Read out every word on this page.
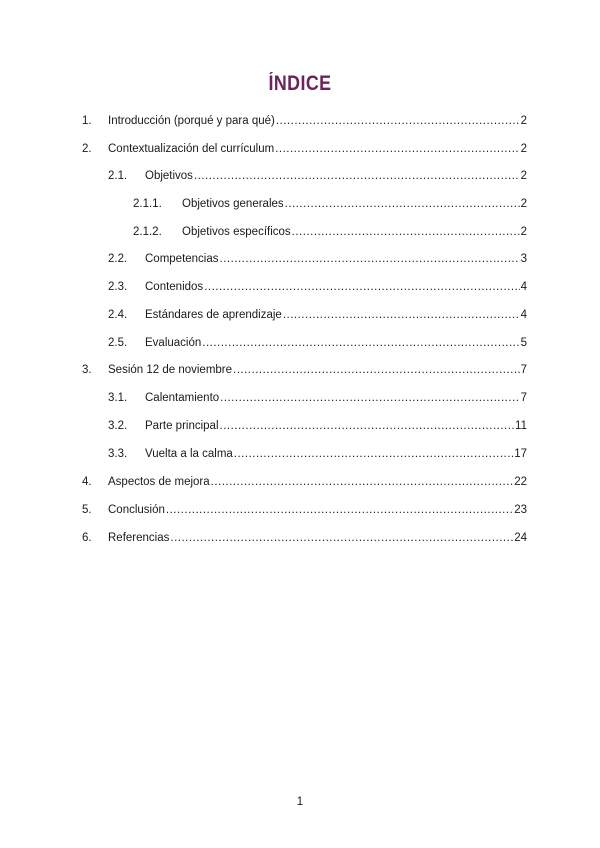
ÍNDICE
1.	Introducción (porqué y para qué) .....	2
2.	Contextualización del currículum .....	2
2.1.	Objetivos .....	2
2.1.1.	Objetivos generales .....	2
2.1.2.	Objetivos específicos .....	2
2.2.	Competencias .....	3
2.3.	Contenidos .....	4
2.4.	Estándares de aprendizaje .....	4
2.5.	Evaluación .....	5
3.	Sesión 12 de noviembre .....	7
3.1.	Calentamiento .....	7
3.2.	Parte principal .....	11
3.3.	Vuelta a la calma .....	17
4.	Aspectos de mejora .....	22
5.	Conclusión .....	23
6.	Referencias .....	24
1
